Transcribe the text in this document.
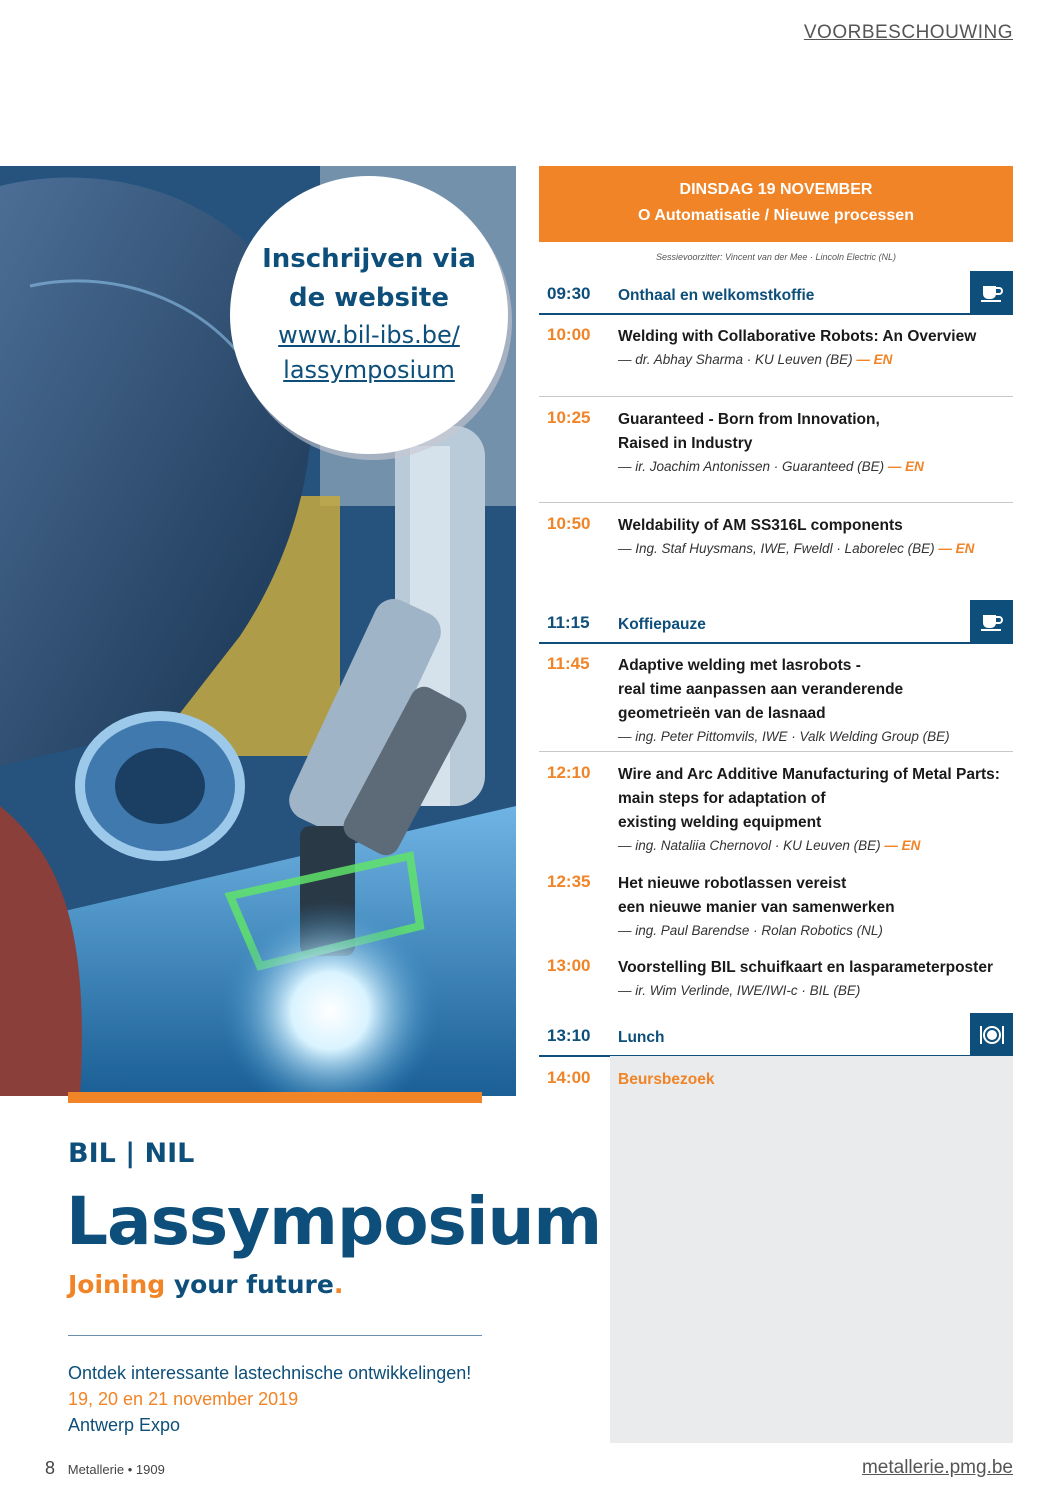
VOORBESCHOUWING
Inschrijven via
de website
www.bil-ibs.be/
lassymposium
BIL | NIL
Lassymposium
Joining your future.
Ontdek interessante lastechnische ontwikkelingen!
19, 20 en 21 november 2019
Antwerp Expo
DINSDAG 19 NOVEMBER
O Automatisatie / Nieuwe processen
Sessievoorzitter: Vincent van der Mee · Lincoln Electric (NL)
09:30 Onthaal en welkomstkoffie
10:00 Welding with Collaborative Robots: An Overview
— dr. Abhay Sharma · KU Leuven (BE) — EN
10:25 Guaranteed - Born from Innovation,
Raised in Industry
— ir. Joachim Antonissen · Guaranteed (BE) — EN
10:50 Weldability of AM SS316L components
— Ing. Staf Huysmans, IWE, Fweldl · Laborelec (BE) — EN
11:15 Koffiepauze
11:45 Adaptive welding met lasrobots -
real time aanpassen aan veranderende
geometrieën van de lasnaad
— ing. Peter Pittomvils, IWE · Valk Welding Group (BE)
12:10 Wire and Arc Additive Manufacturing of Metal Parts:
main steps for adaptation of
existing welding equipment
— ing. Nataliia Chernovol · KU Leuven (BE) — EN
12:35 Het nieuwe robotlassen vereist
een nieuwe manier van samenwerken
— ing. Paul Barendse · Rolan Robotics (NL)
13:00 Voorstelling BIL schuifkaart en lasparameterposter
— ir. Wim Verlinde, IWE/IWI-c · BIL (BE)
13:10 Lunch
14:00 Beursbezoek
8 Metallerie • 1909	metallerie.pmg.be
